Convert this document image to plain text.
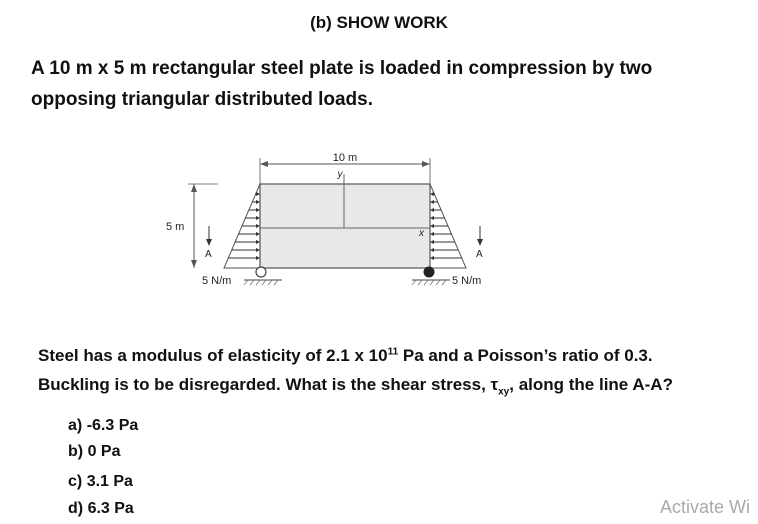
(b) SHOW WORK
A 10 m x 5 m rectangular steel plate is loaded in compression by two
opposing triangular distributed loads.
10 m
y
x
5 m
A	A
5 N/m	5 N/m
Steel has a modulus of elasticity of 2.1 x $10^{11}$ Pa and a Poisson’s ratio of 0.3.
Buckling is to be disregarded. What is the shear stress, $\tau_{xy}$, along the line A-A?
a) -6.3 Pa
b) 0 Pa
c) 3.1 Pa
d) 6.3 Pa	Activate Wi
